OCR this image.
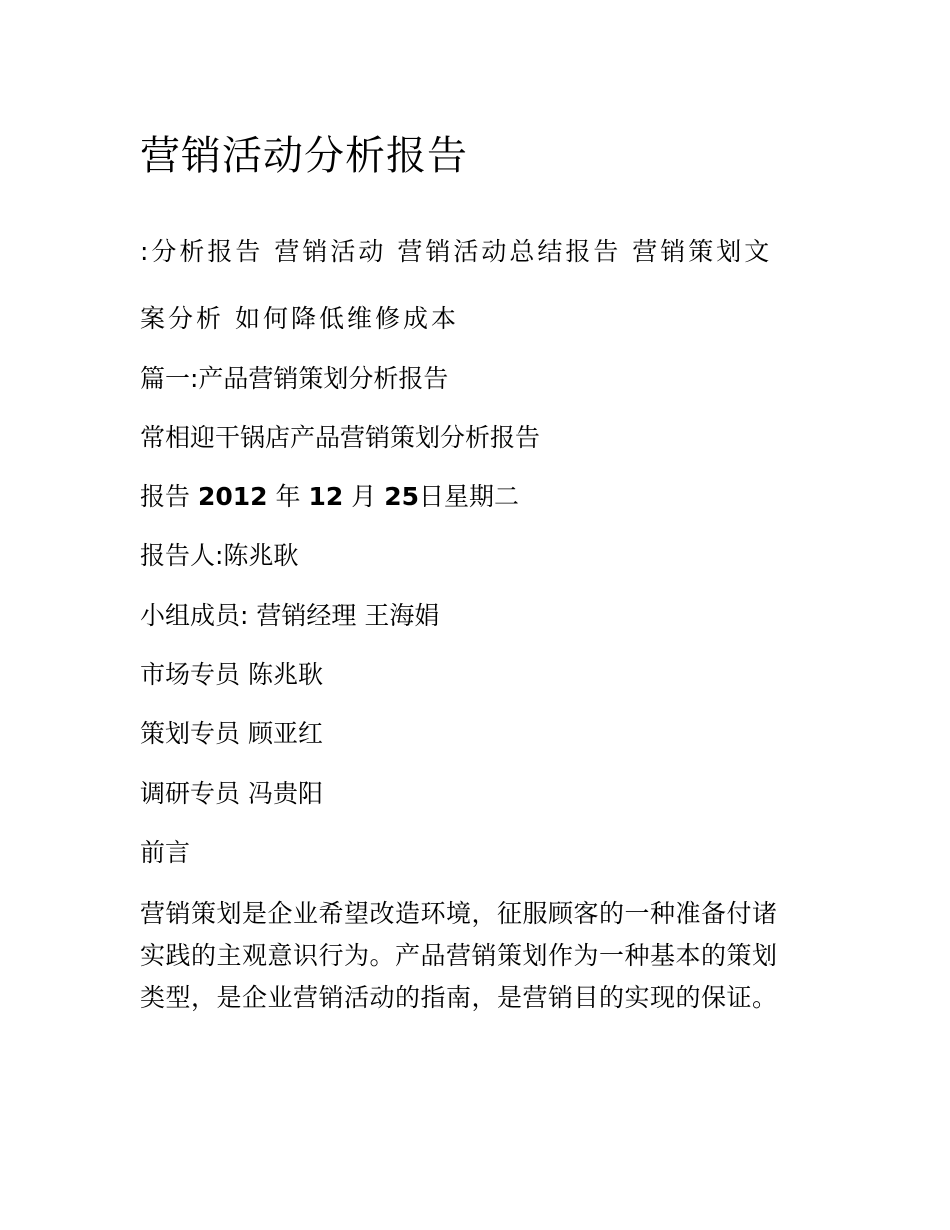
营销活动分析报告
:分析报告 营销活动 营销活动总结报告 营销策划文
案分析 如何降低维修成本
篇一:产品营销策划分析报告
常相迎干锅店产品营销策划分析报告
报告 2012 年 12 月 25日星期二
报告人:陈兆耿
小组成员: 营销经理 王海娟
市场专员 陈兆耿
策划专员 顾亚红
调研专员 冯贵阳
前言
营销策划是企业希望改造环境，征服顾客的一种准备付诸实践的主观意识行为。产品营销策划作为一种基本的策划类型，是企业营销活动的指南，是营销目的实现的保证。
